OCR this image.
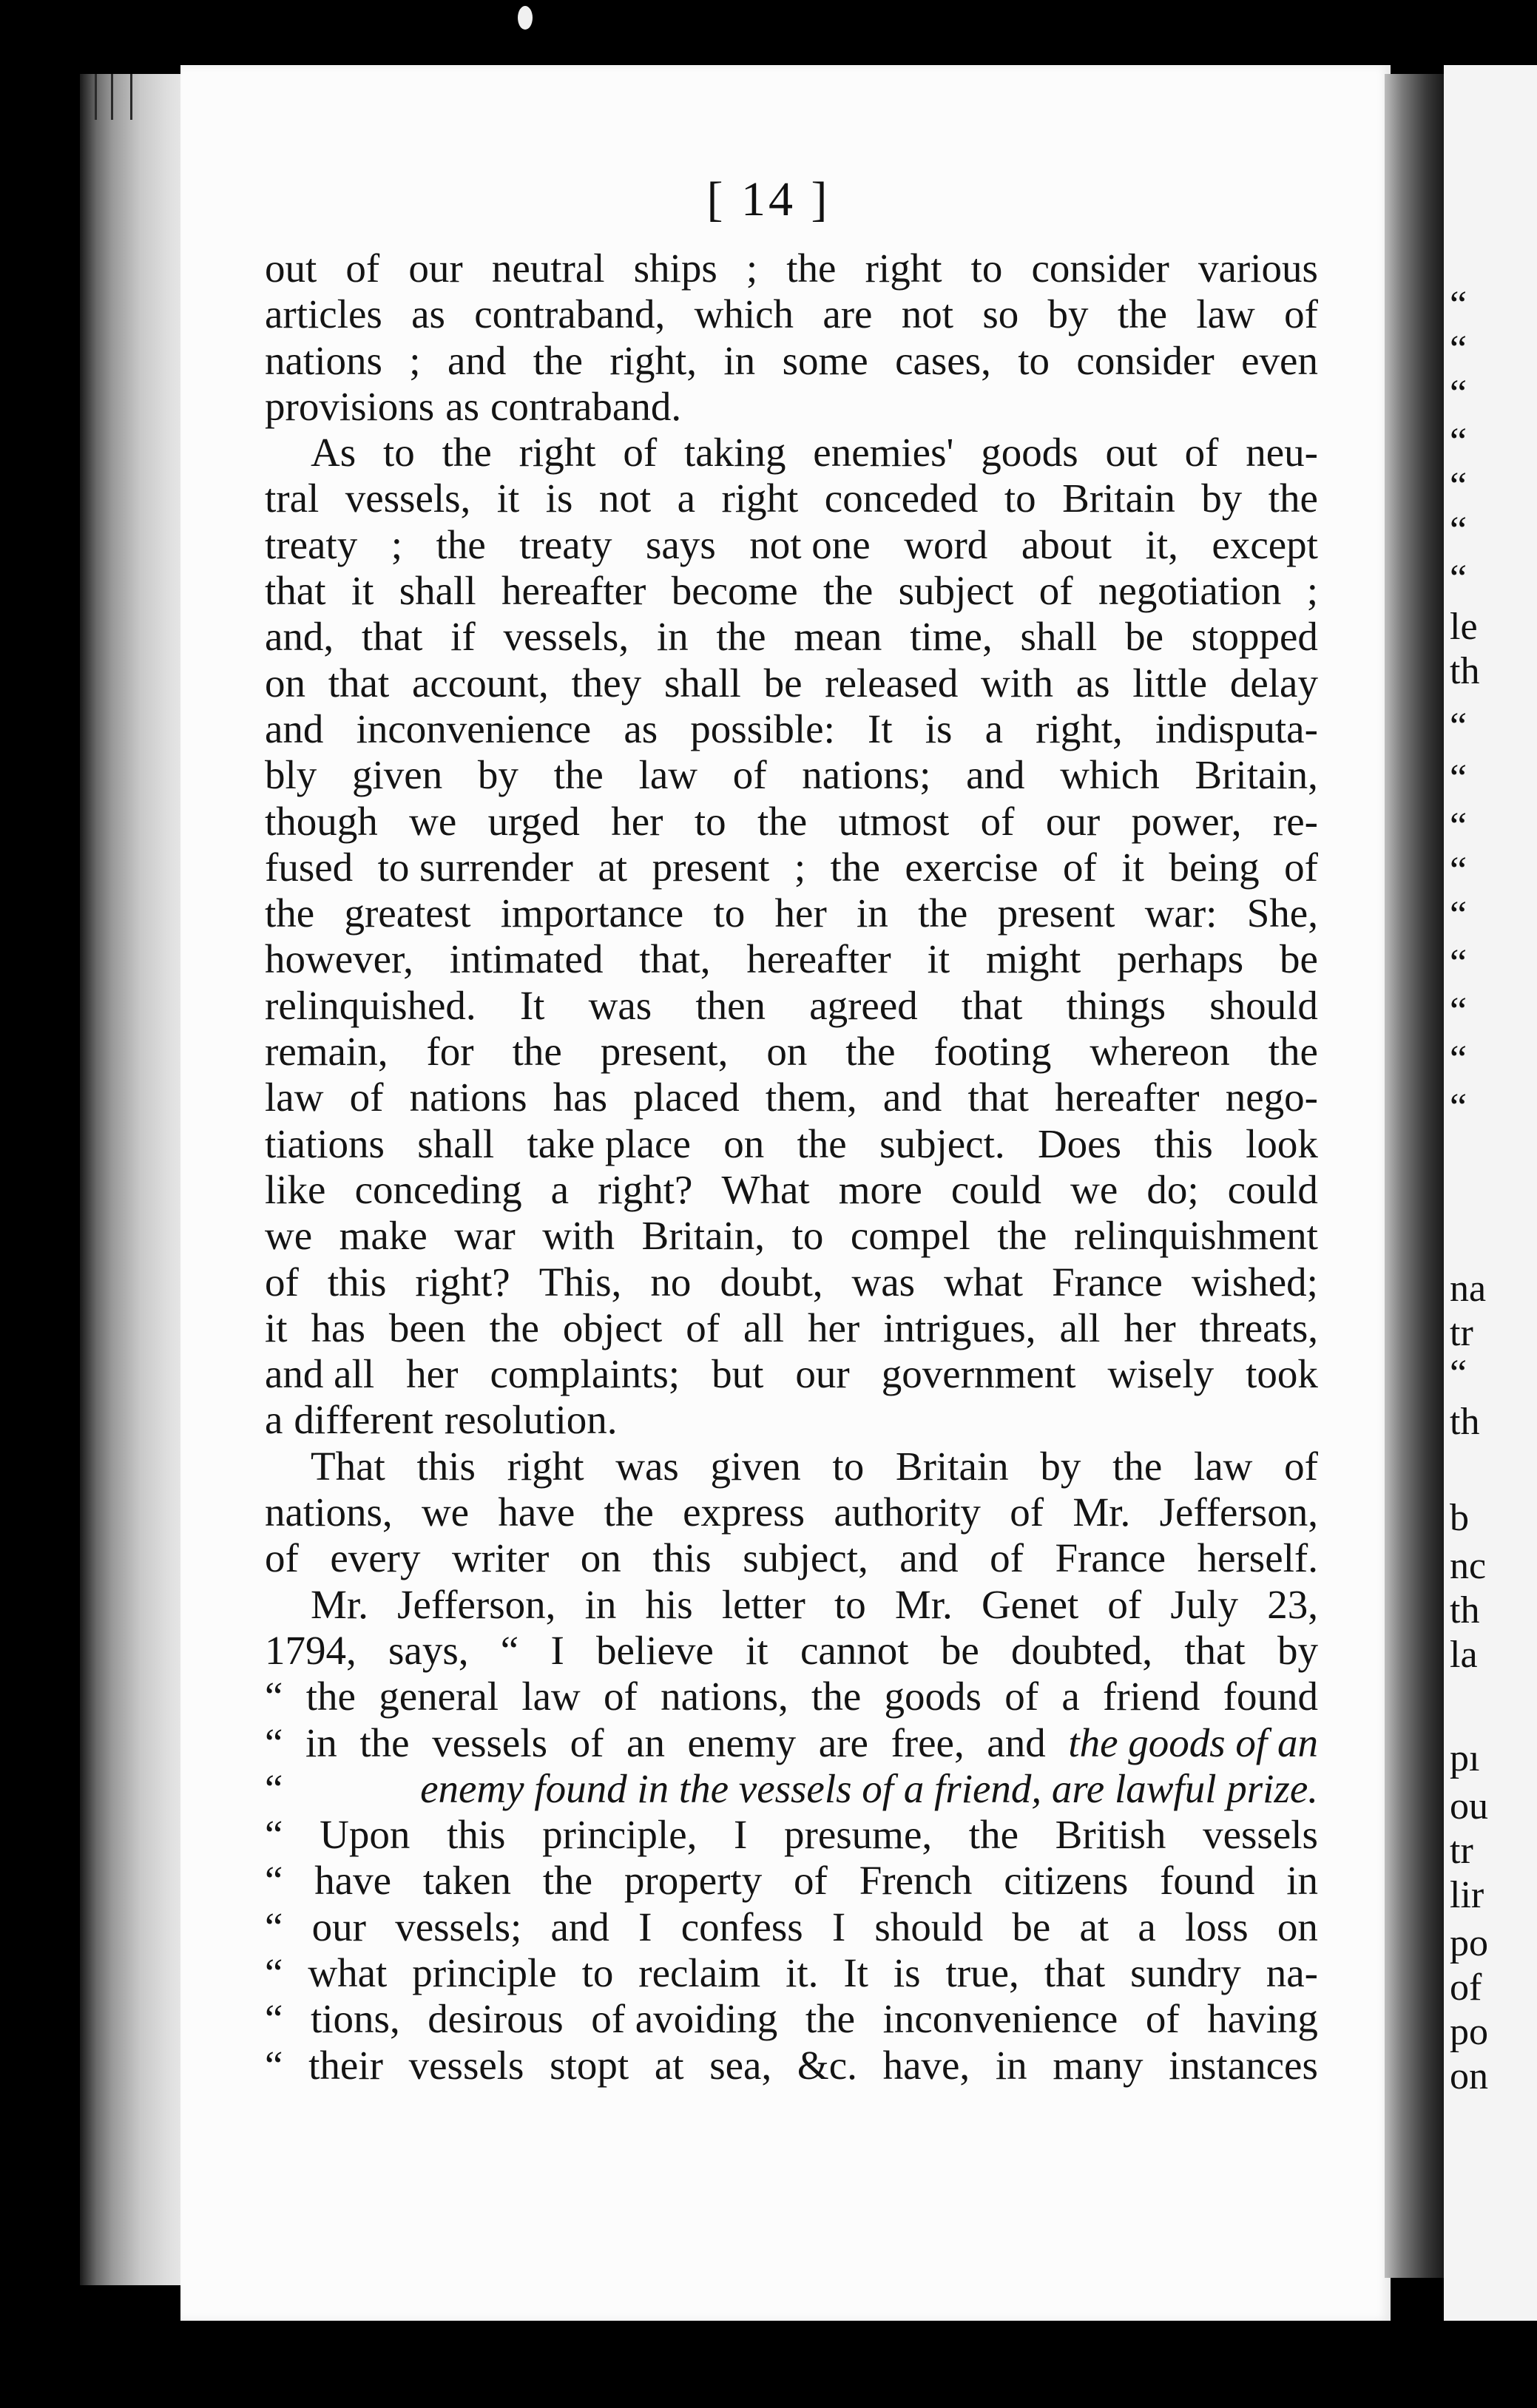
“
“
“
“
“
“
“
le
th
“
“
“
“
“
“
“
“
“
na
tr
“
th
b
nc
th
la
pı
ou
tr
lir
po
of
po
on
[ 14 ]
out of our neutral ships ; the right to consider various
articles as contraband, which are not so by the law of
nations ; and the right, in some cases, to consider even
provisions as contraband.
As to the right of taking enemies' goods out of neu-
tral vessels, it is not a right conceded to Britain by the
treaty ; the treaty says not one word about it, except
that it shall hereafter become the subject of negotiation ;
and, that if vessels, in the mean time, shall be stopped
on that account, they shall be released with as little delay
and inconvenience as possible: It is a right, indisputa-
bly given by the law of nations; and which Britain,
though we urged her to the utmost of our power, re-
fused to surrender at present ; the exercise of it being of
the greatest importance to her in the present war: She,
however, intimated that, hereafter it might perhaps be
relinquished. It was then agreed that things should
remain, for the present, on the footing whereon the
law of nations has placed them, and that hereafter nego-
tiations shall take place on the subject. Does this look
like conceding a right? What more could we do; could
we make war with Britain, to compel the relinquishment
of this right? This, no doubt, was what France wished;
it has been the object of all her intrigues, all her threats,
and all her complaints; but our government wisely took
a different resolution.
That this right was given to Britain by the law of
nations, we have the express authority of Mr. Jefferson,
of every writer on this subject, and of France herself.
Mr. Jefferson, in his letter to Mr. Genet of July 23,
1794, says, “ I believe it cannot be doubted, that by
“ the general law of nations, the goods of a friend found
“ in the vessels of an enemy are free, and the goods of an
“	enemy found in the vessels of a friend, are lawful prize.
“ Upon this principle, I presume, the British vessels
“ have taken the property of French citizens found in
“ our vessels; and I confess I should be at a loss on
“ what principle to reclaim it. It is true, that sundry na-
“ tions, desirous of avoiding the inconvenience of having
“ their vessels stopt at sea, &c. have, in many instances
